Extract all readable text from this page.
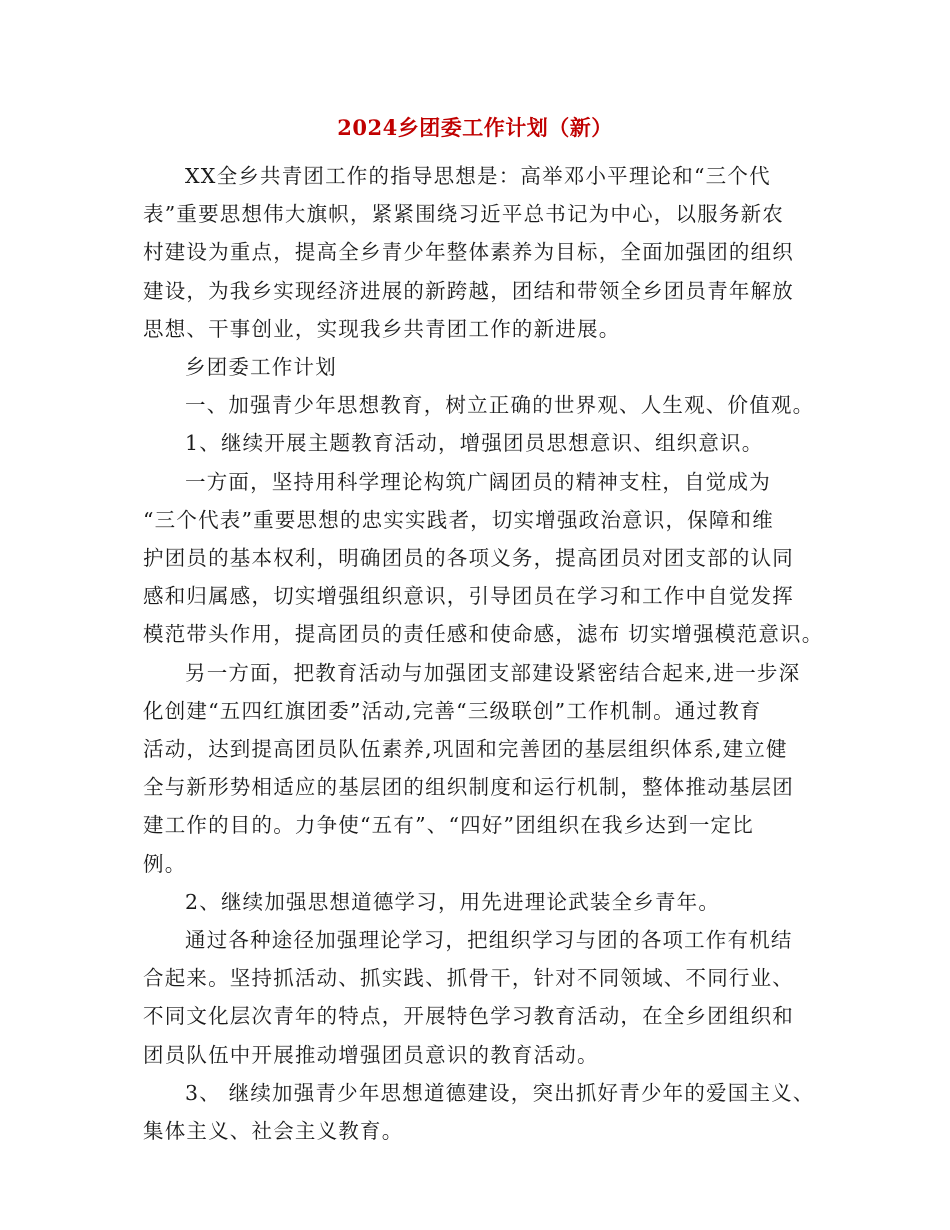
2024乡团委工作计划（新）
XX全乡共青团工作的指导思想是：高举邓小平理论和“三个代
表”重要思想伟大旗帜，紧紧围绕习近平总书记为中心，以服务新农
村建设为重点，提高全乡青少年整体素养为目标，全面加强团的组织
建设，为我乡实现经济进展的新跨越，团结和带领全乡团员青年解放
思想、干事创业，实现我乡共青团工作的新进展。
乡团委工作计划
一、加强青少年思想教育，树立正确的世界观、人生观、价值观。
1、继续开展主题教育活动，增强团员思想意识、组织意识。
一方面，坚持用科学理论构筑广阔团员的精神支柱，自觉成为
“三个代表”重要思想的忠实实践者，切实增强政治意识，保障和维
护团员的基本权利，明确团员的各项义务，提高团员对团支部的认同
感和归属感，切实增强组织意识，引导团员在学习和工作中自觉发挥
模范带头作用，提高团员的责任感和使命感，滤布 切实增强模范意识。
另一方面，把教育活动与加强团支部建设紧密结合起来,进一步深
化创建“五四红旗团委”活动,完善“三级联创”工作机制。通过教育
活动，达到提高团员队伍素养,巩固和完善团的基层组织体系,建立健
全与新形势相适应的基层团的组织制度和运行机制，整体推动基层团
建工作的目的。力争使“五有”、“四好”团组织在我乡达到一定比
例。
2、继续加强思想道德学习，用先进理论武装全乡青年。
通过各种途径加强理论学习，把组织学习与团的各项工作有机结
合起来。坚持抓活动、抓实践、抓骨干，针对不同领域、不同行业、
不同文化层次青年的特点，开展特色学习教育活动，在全乡团组织和
团员队伍中开展推动增强团员意识的教育活动。
3、 继续加强青少年思想道德建设，突出抓好青少年的爱国主义、
集体主义、社会主义教育。
